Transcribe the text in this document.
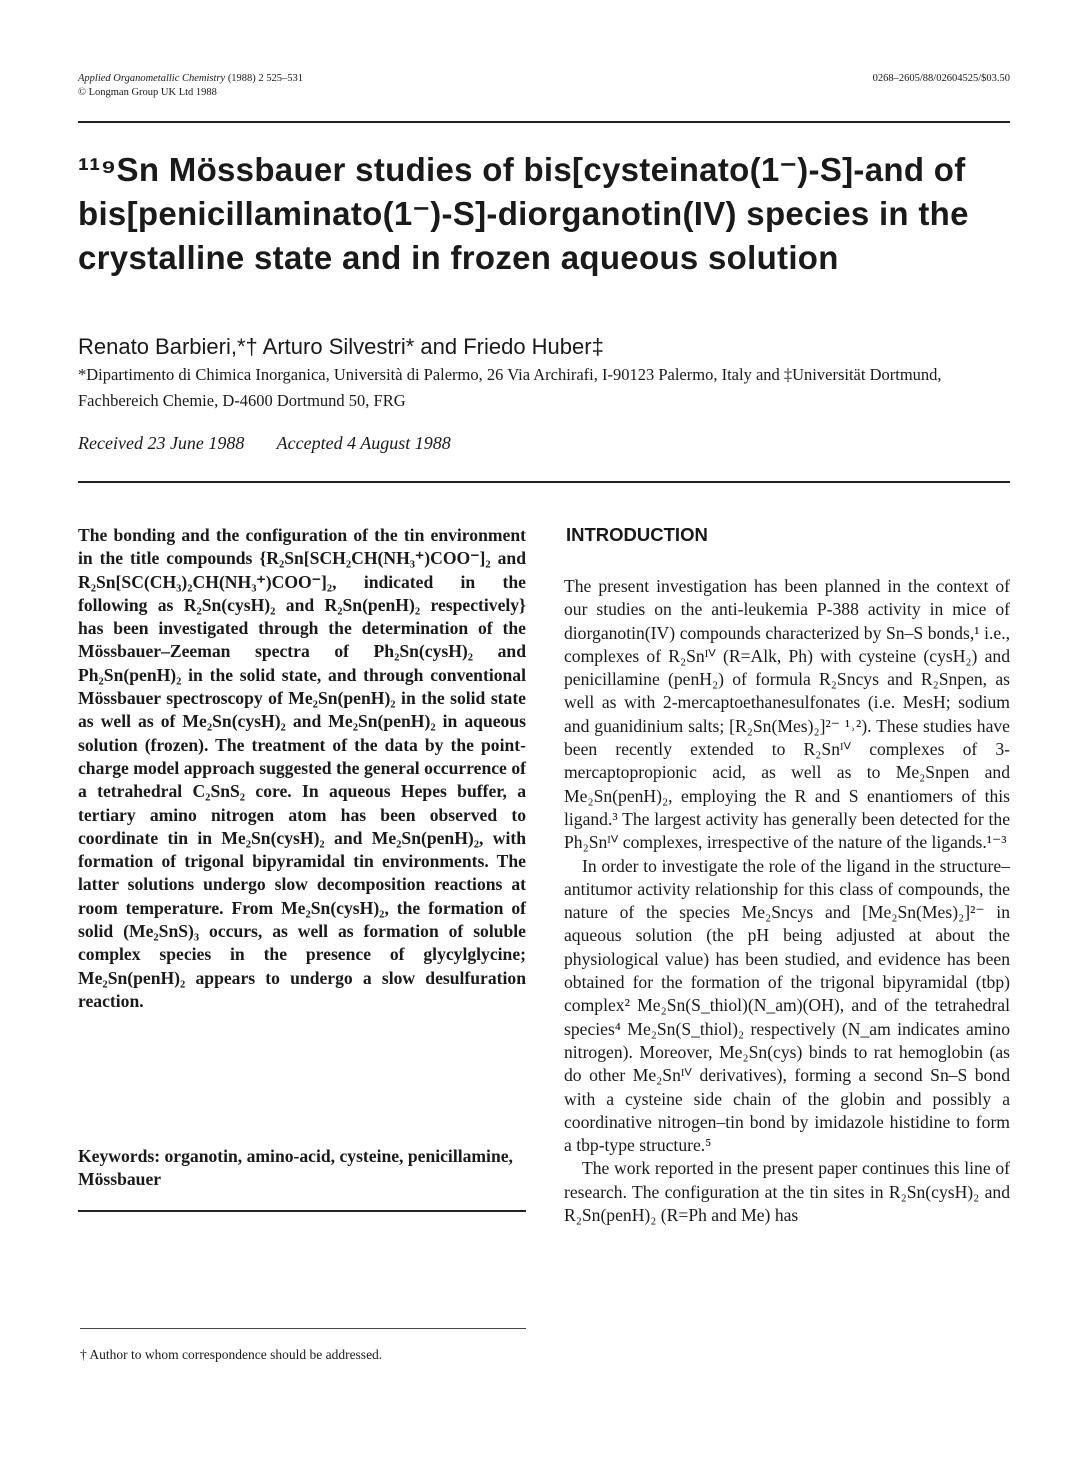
Applied Organometallic Chemistry (1988) 2 525–531
© Longman Group UK Ltd 1988
0268–2605/88/02604525/$03.50
¹¹⁹Sn Mössbauer studies of bis[cysteinato(1⁻)-S]-and of bis[penicillaminato(1⁻)-S]-diorganotin(IV) species in the crystalline state and in frozen aqueous solution
Renato Barbieri,*† Arturo Silvestri* and Friedo Huber‡
*Dipartimento di Chimica Inorganica, Università di Palermo, 26 Via Archirafi, I-90123 Palermo, Italy and ‡Universität Dortmund, Fachbereich Chemie, D-4600 Dortmund 50, FRG
Received 23 June 1988 Accepted 4 August 1988

The bonding and the configuration of the tin environment in the title compounds {R₂Sn[SCH₂CH(NH₃⁺)COO⁻]₂ and R₂Sn[SC(CH₃)₂CH(NH₃⁺)COO⁻]₂, indicated in the following as R₂Sn(cysH)₂ and R₂Sn(penH)₂ respectively} has been investigated through the determination of the Mössbauer–Zeeman spectra of Ph₂Sn(cysH)₂ and Ph₂Sn(penH)₂ in the solid state, and through conventional Mössbauer spectroscopy of Me₂Sn(penH)₂ in the solid state as well as of Me₂Sn(cysH)₂ and Me₂Sn(penH)₂ in aqueous solution (frozen). The treatment of the data by the point-charge model approach suggested the general occurrence of a tetrahedral C₂SnS₂ core. In aqueous Hepes buffer, a tertiary amino nitrogen atom has been observed to coordinate tin in Me₂Sn(cysH)₂ and Me₂Sn(penH)₂, with formation of trigonal bipyramidal tin environments. The latter solutions undergo slow decomposition reactions at room temperature. From Me₂Sn(cysH)₂, the formation of solid (Me₂SnS)₃ occurs, as well as formation of soluble complex species in the presence of glycylglycine; Me₂Sn(penH)₂ appears to undergo a slow desulfuration reaction.

Keywords: organotin, amino-acid, cysteine, penicillamine, Mössbauer

† Author to whom correspondence should be addressed.
INTRODUCTION

The present investigation has been planned in the context of our studies on the anti-leukemia P-388 activity in mice of diorganotin(IV) compounds characterized by Sn–S bonds,¹ i.e., complexes of R₂Snᴵⱽ (R=Alk, Ph) with cysteine (cysH₂) and penicillamine (penH₂) of formula R₂Sncys and R₂Snpen, as well as with 2-mercaptoethanesulfonates (i.e. MesH; sodium and guanidinium salts; [R₂Sn(Mes)₂]²⁻ ¹˒²). These studies have been recently extended to R₂Snᴵⱽ complexes of 3-mercaptopropionic acid, as well as to Me₂Snpen and Me₂Sn(penH)₂, employing the R and S enantiomers of this ligand.³ The largest activity has generally been detected for the Ph₂Snᴵⱽ complexes, irrespective of the nature of the ligands.¹⁻³

In order to investigate the role of the ligand in the structure–antitumor activity relationship for this class of compounds, the nature of the species Me₂Sncys and [Me₂Sn(Mes)₂]²⁻ in aqueous solution (the pH being adjusted at about the physiological value) has been studied, and evidence has been obtained for the formation of the trigonal bipyramidal (tbp) complex² Me₂Sn(S_thiol)(N_am)(OH), and of the tetrahedral species⁴ Me₂Sn(S_thiol)₂ respectively (N_am indicates amino nitrogen). Moreover, Me₂Sn(cys) binds to rat hemoglobin (as do other Me₂Snᴵⱽ derivatives), forming a second Sn–S bond with a cysteine side chain of the globin and possibly a coordinative nitrogen–tin bond by imidazole histidine to form a tbp-type structure.⁵

The work reported in the present paper continues this line of research. The configuration at the tin sites in R₂Sn(cysH)₂ and R₂Sn(penH)₂ (R=Ph and Me) has
